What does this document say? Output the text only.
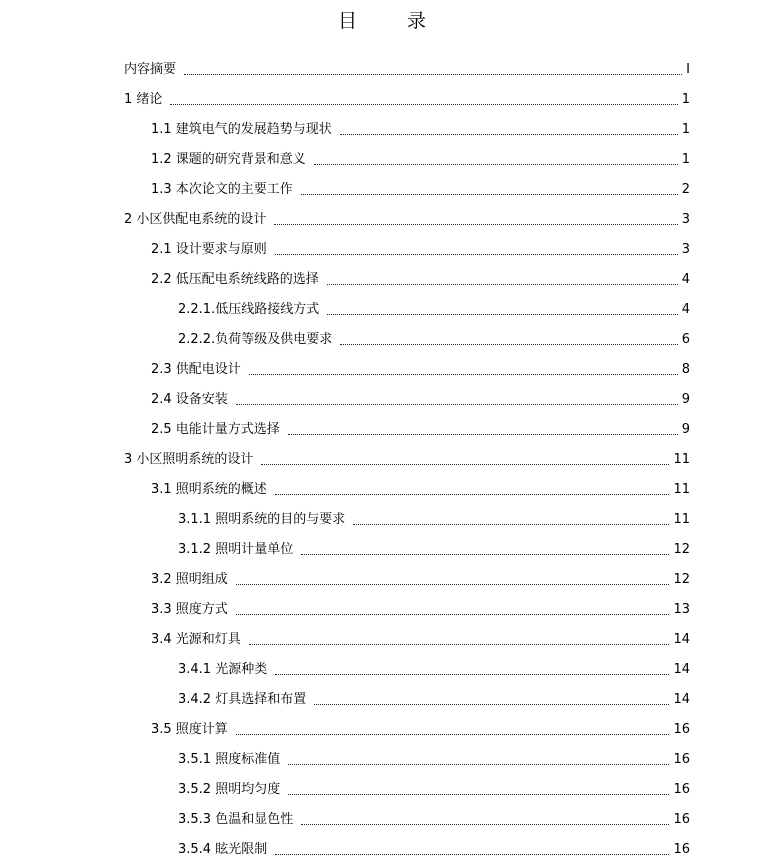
目	录
内容摘要	I
1 绪论	1
1.1 建筑电气的发展趋势与现状	1
1.2 课题的研究背景和意义	1
1.3 本次论文的主要工作	2
2 小区供配电系统的设计	3
2.1 设计要求与原则	3
2.2 低压配电系统线路的选择	4
2.2.1.低压线路接线方式	4
2.2.2.负荷等级及供电要求	6
2.3 供配电设计	8
2.4 设备安装	9
2.5 电能计量方式选择	9
3 小区照明系统的设计	11
3.1 照明系统的概述	11
3.1.1 照明系统的目的与要求	11
3.1.2 照明计量单位	12
3.2 照明组成	12
3.3 照度方式	13
3.4 光源和灯具	14
3.4.1 光源种类	14
3.4.2 灯具选择和布置	14
3.5 照度计算	16
3.5.1 照度标准值	16
3.5.2 照明均匀度	16
3.5.3 色温和显色性	16
3.5.4 眩光限制	16
